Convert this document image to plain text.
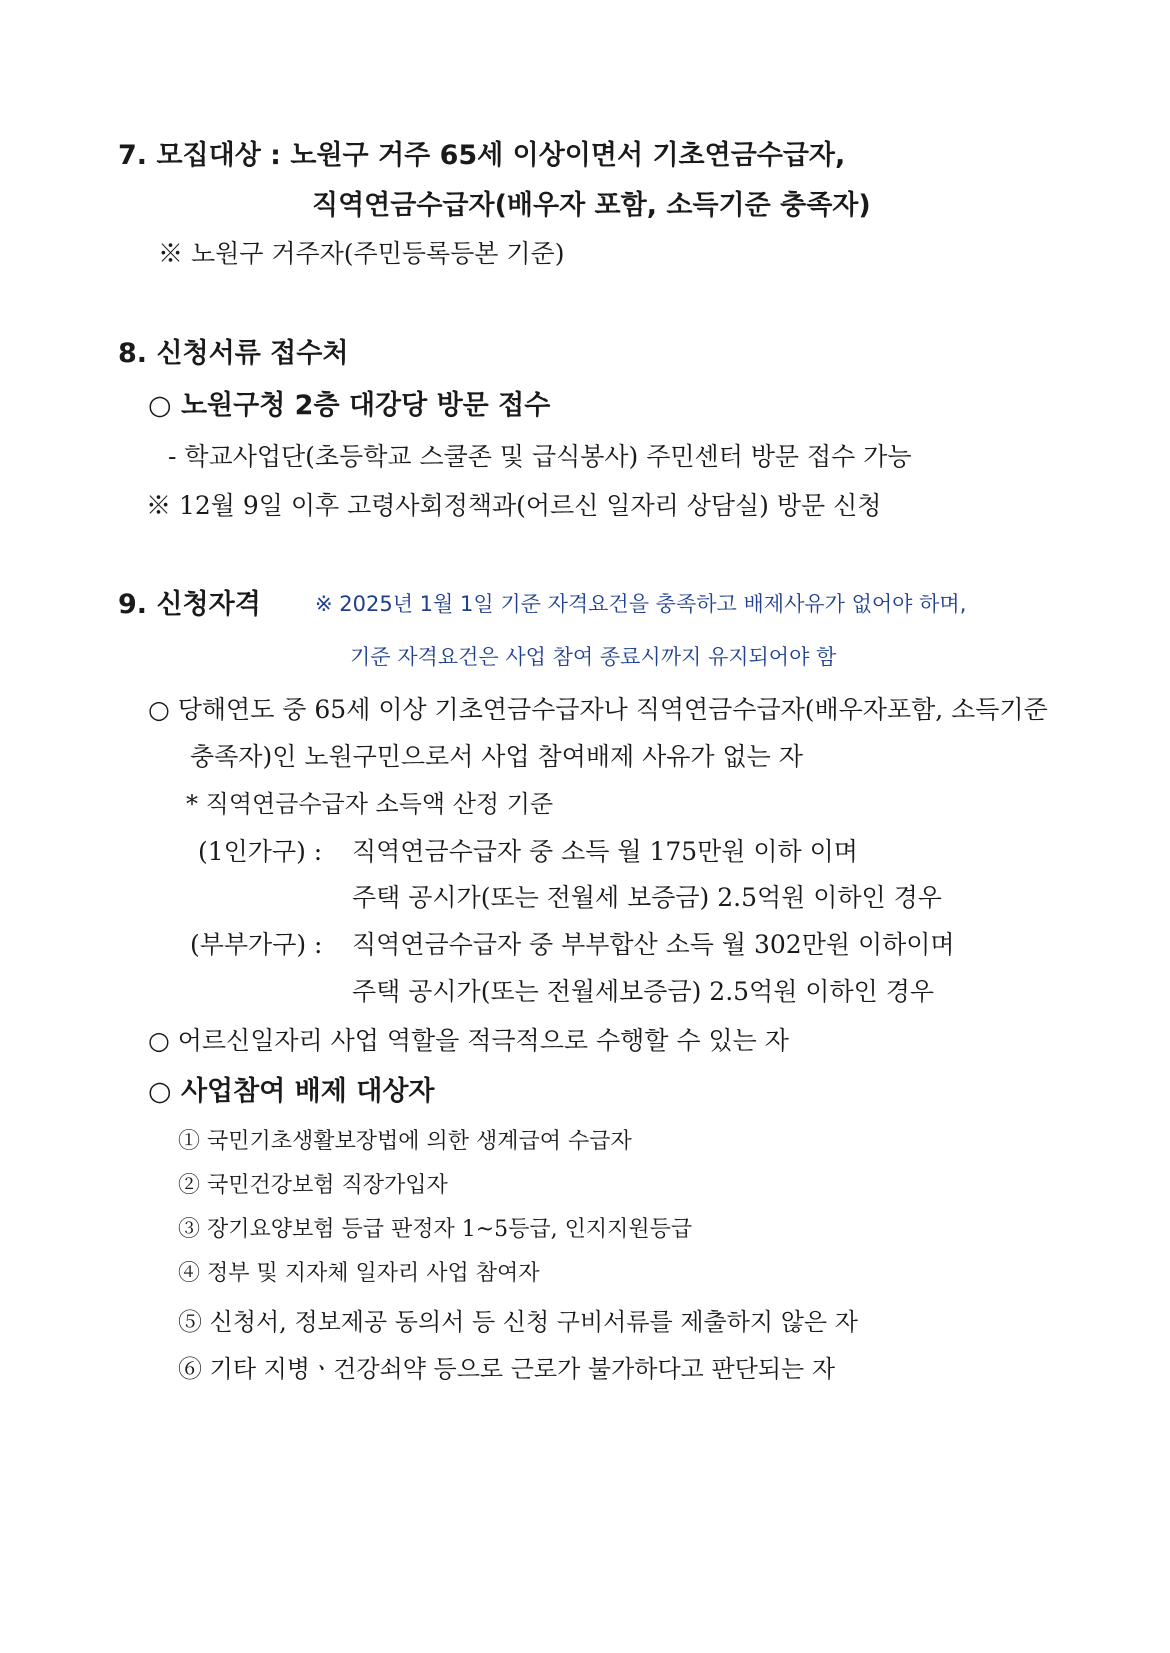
7. 모집대상 : 노원구 거주 65세 이상이면서 기초연금수급자,
직역연금수급자(배우자 포함, 소득기준 충족자)
※ 노원구 거주자(주민등록등본 기준)
8. 신청서류 접수처
○ 노원구청 2층 대강당 방문 접수
- 학교사업단(초등학교 스쿨존 및 급식봉사) 주민센터 방문 접수 가능
※ 12월 9일 이후 고령사회정책과(어르신 일자리 상담실) 방문 신청
9. 신청자격	※ 2025년 1월 1일 기준 자격요건을 충족하고 배제사유가 없어야 하며,
기준 자격요건은 사업 참여 종료시까지 유지되어야 함
○ 당해연도 중 65세 이상 기초연금수급자나 직역연금수급자(배우자포함, 소득기준
충족자)인 노원구민으로서 사업 참여배제 사유가 없는 자
* 직역연금수급자 소득액 산정 기준
(1인가구) : 직역연금수급자 중 소득 월 175만원 이하 이며
주택 공시가(또는 전월세 보증금) 2.5억원 이하인 경우
(부부가구) : 직역연금수급자 중 부부합산 소득 월 302만원 이하이며
주택 공시가(또는 전월세보증금) 2.5억원 이하인 경우
○ 어르신일자리 사업 역할을 적극적으로 수행할 수 있는 자
○ 사업참여 배제 대상자
① 국민기초생활보장법에 의한 생계급여 수급자
② 국민건강보험 직장가입자
③ 장기요양보험 등급 판정자 1~5등급, 인지지원등급
④ 정부 및 지자체 일자리 사업 참여자
⑤ 신청서, 정보제공 동의서 등 신청 구비서류를 제출하지 않은 자
⑥ 기타 지병ㆍ건강쇠약 등으로 근로가 불가하다고 판단되는 자
